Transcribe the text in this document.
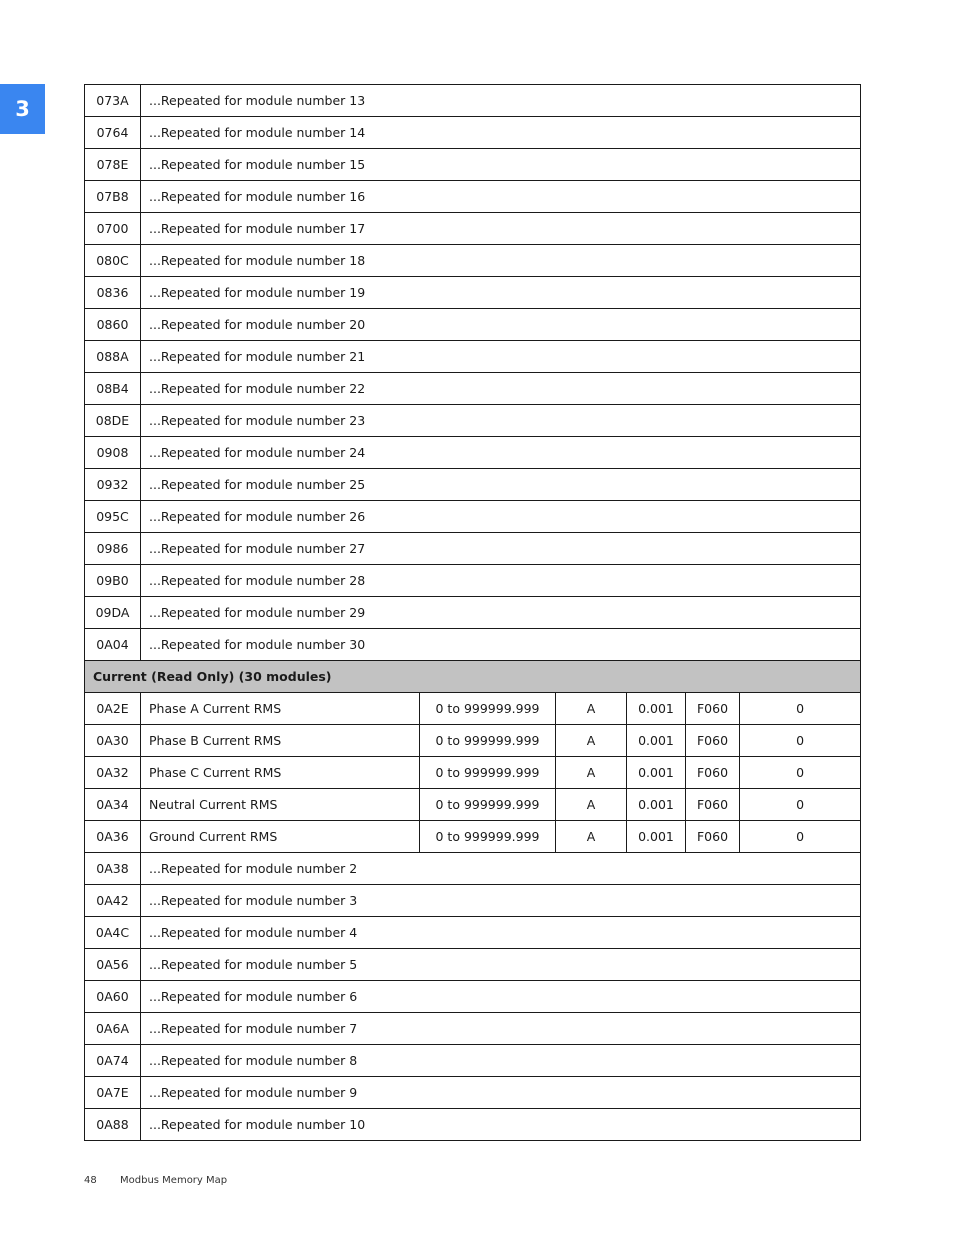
3	073A	...Repeated for module number 13					
0764	...Repeated for module number 14					
078E	...Repeated for module number 15					
07B8	...Repeated for module number 16					
0700	...Repeated for module number 17					
080C	...Repeated for module number 18					
0836	...Repeated for module number 19					
0860	...Repeated for module number 20					
088A	...Repeated for module number 21					
08B4	...Repeated for module number 22					
08DE	...Repeated for module number 23					
0908	...Repeated for module number 24					
0932	...Repeated for module number 25					
095C	...Repeated for module number 26					
0986	...Repeated for module number 27					
09B0	...Repeated for module number 28					
09DA	...Repeated for module number 29					
0A04	...Repeated for module number 30					
Current (Read Only) (30 modules)						
0A2E	Phase A Current RMS	0 to 999999.999	A	0.001	F060	0
0A30	Phase B Current RMS	0 to 999999.999	A	0.001	F060	0
0A32	Phase C Current RMS	0 to 999999.999	A	0.001	F060	0
0A34	Neutral Current RMS	0 to 999999.999	A	0.001	F060	0
0A36	Ground Current RMS	0 to 999999.999	A	0.001	F060	0
0A38	...Repeated for module number 2					
0A42	...Repeated for module number 3					
0A4C	...Repeated for module number 4					
0A56	...Repeated for module number 5					
0A60	...Repeated for module number 6					
0A6A	...Repeated for module number 7					
0A74	...Repeated for module number 8					
0A7E	...Repeated for module number 9					
0A88	...Repeated for module number 10					
48 Modbus Memory Map
